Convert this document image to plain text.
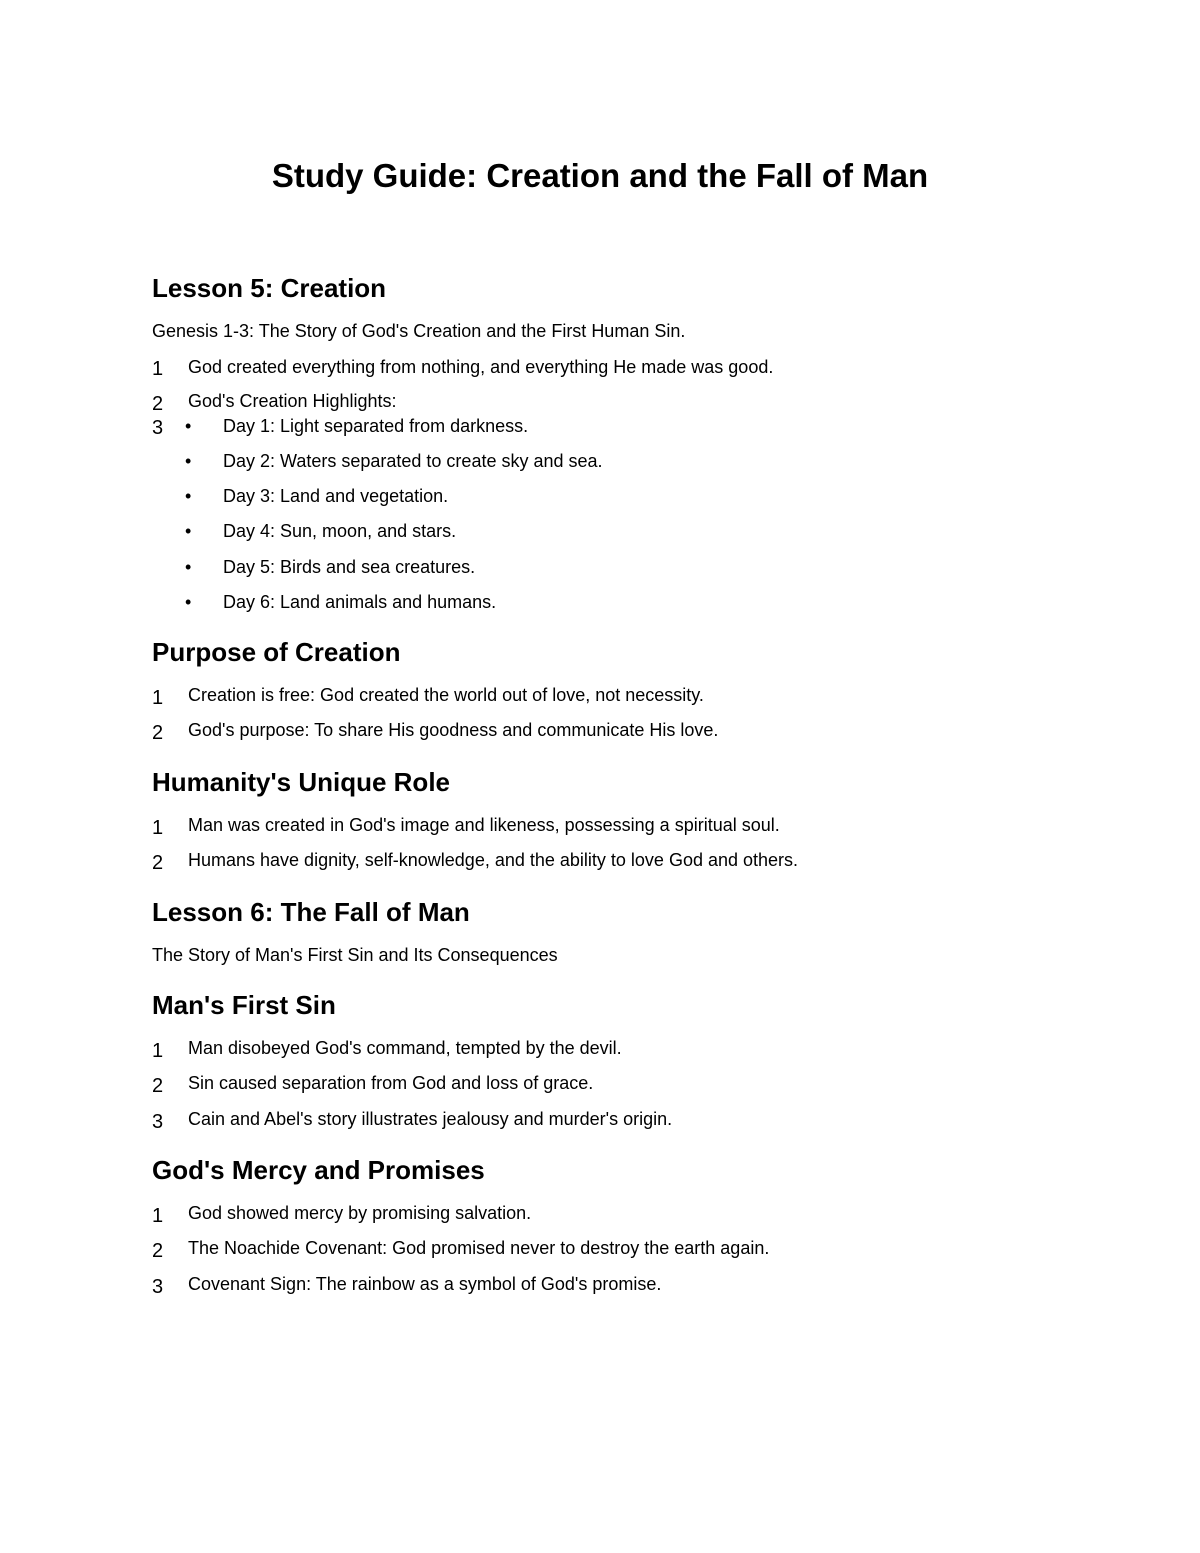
Study Guide: Creation and the Fall of Man
Lesson 5: Creation

Genesis 1-3: The Story of God's Creation and the First Human Sin.

1	God created everything from nothing, and everything He made was good.
2	God's Creation Highlights:
3	• Day 1: Light separated from darkness.
• Day 2: Waters separated to create sky and sea.
• Day 3: Land and vegetation.
• Day 4: Sun, moon, and stars.
• Day 5: Birds and sea creatures.
• Day 6: Land animals and humans.
Purpose of Creation
1	Creation is free: God created the world out of love, not necessity.
2	God's purpose: To share His goodness and communicate His love.
Humanity's Unique Role
1	Man was created in God's image and likeness, possessing a spiritual soul.
2	Humans have dignity, self-knowledge, and the ability to love God and others.
Lesson 6: The Fall of Man

The Story of Man's First Sin and Its Consequences

Man's First Sin
1	Man disobeyed God's command, tempted by the devil.
2	Sin caused separation from God and loss of grace.
3	Cain and Abel's story illustrates jealousy and murder's origin.
God's Mercy and Promises
1	God showed mercy by promising salvation.
2	The Noachide Covenant: God promised never to destroy the earth again.
3	Covenant Sign: The rainbow as a symbol of God's promise.
